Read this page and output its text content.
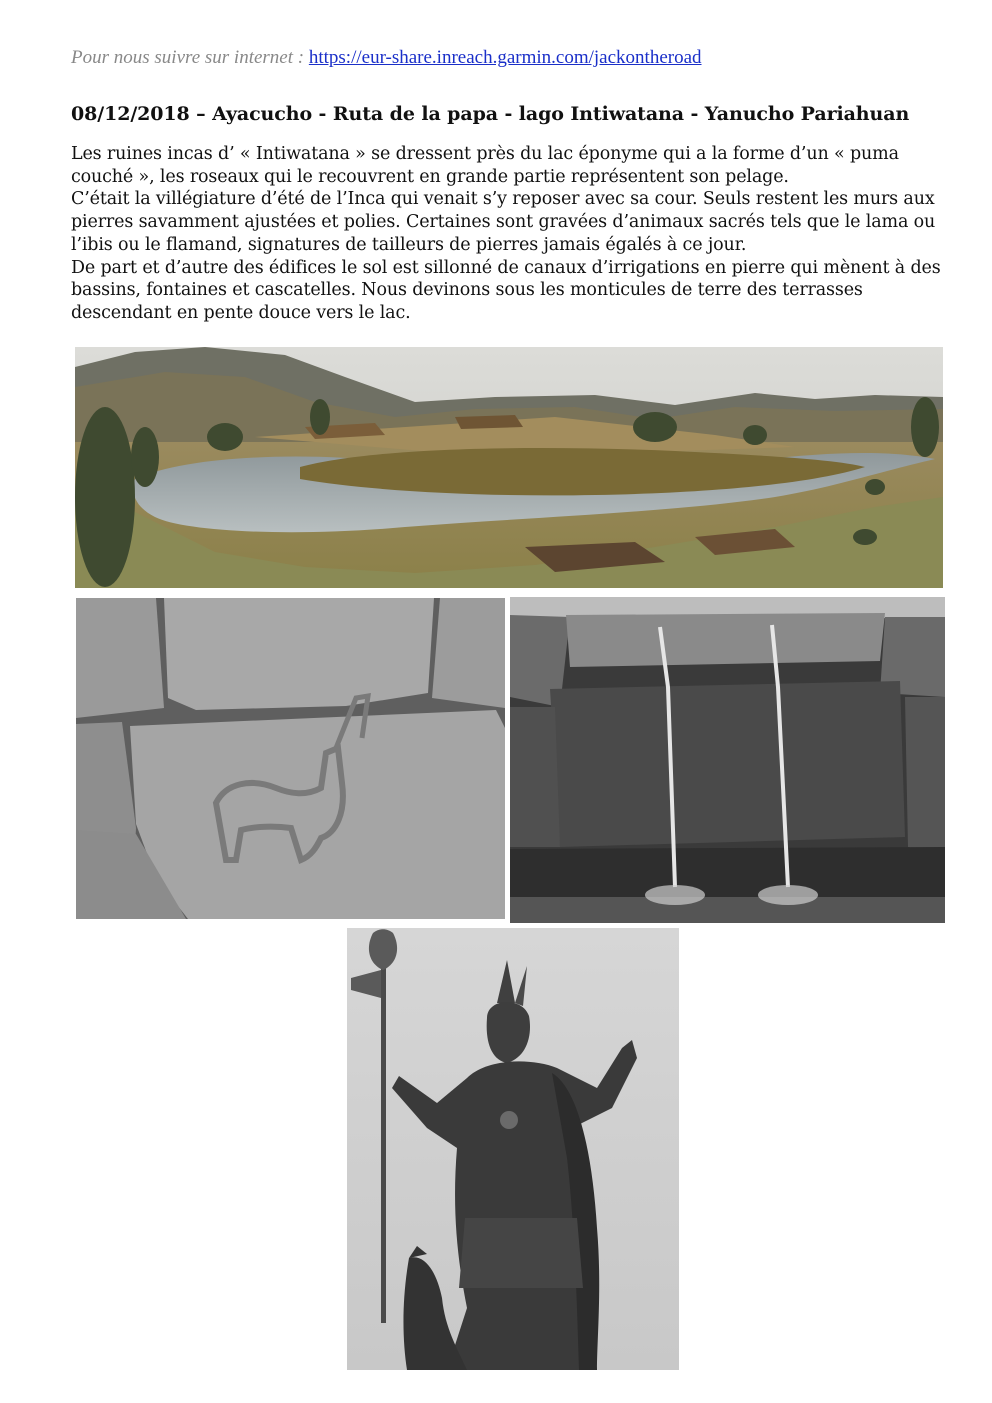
Pour nous suivre sur internet : https://eur-share.inreach.garmin.com/jackontheroad
08/12/2018 – Ayacucho - Ruta de la papa - lago Intiwatana - Yanucho Pariahuan

Les ruines incas d’ « Intiwatana » se dressent près du lac éponyme qui a la forme d’un « puma couché », les roseaux qui le recouvrent en grande partie représentent son pelage.

C’était la villégiature d’été de l’Inca qui venait s’y reposer avec sa cour. Seuls restent les murs aux pierres savamment ajustées et polies. Certaines sont gravées d’animaux sacrés tels que le lama ou l’ibis ou le flamand, signatures de tailleurs de pierres jamais égalés à ce jour.

De part et d’autre des édifices le sol est sillonné de canaux d’irrigations en pierre qui mènent à des bassins, fontaines et cascatelles. Nous devinons sous les monticules de terre des terrasses descendant en pente douce vers le lac.
